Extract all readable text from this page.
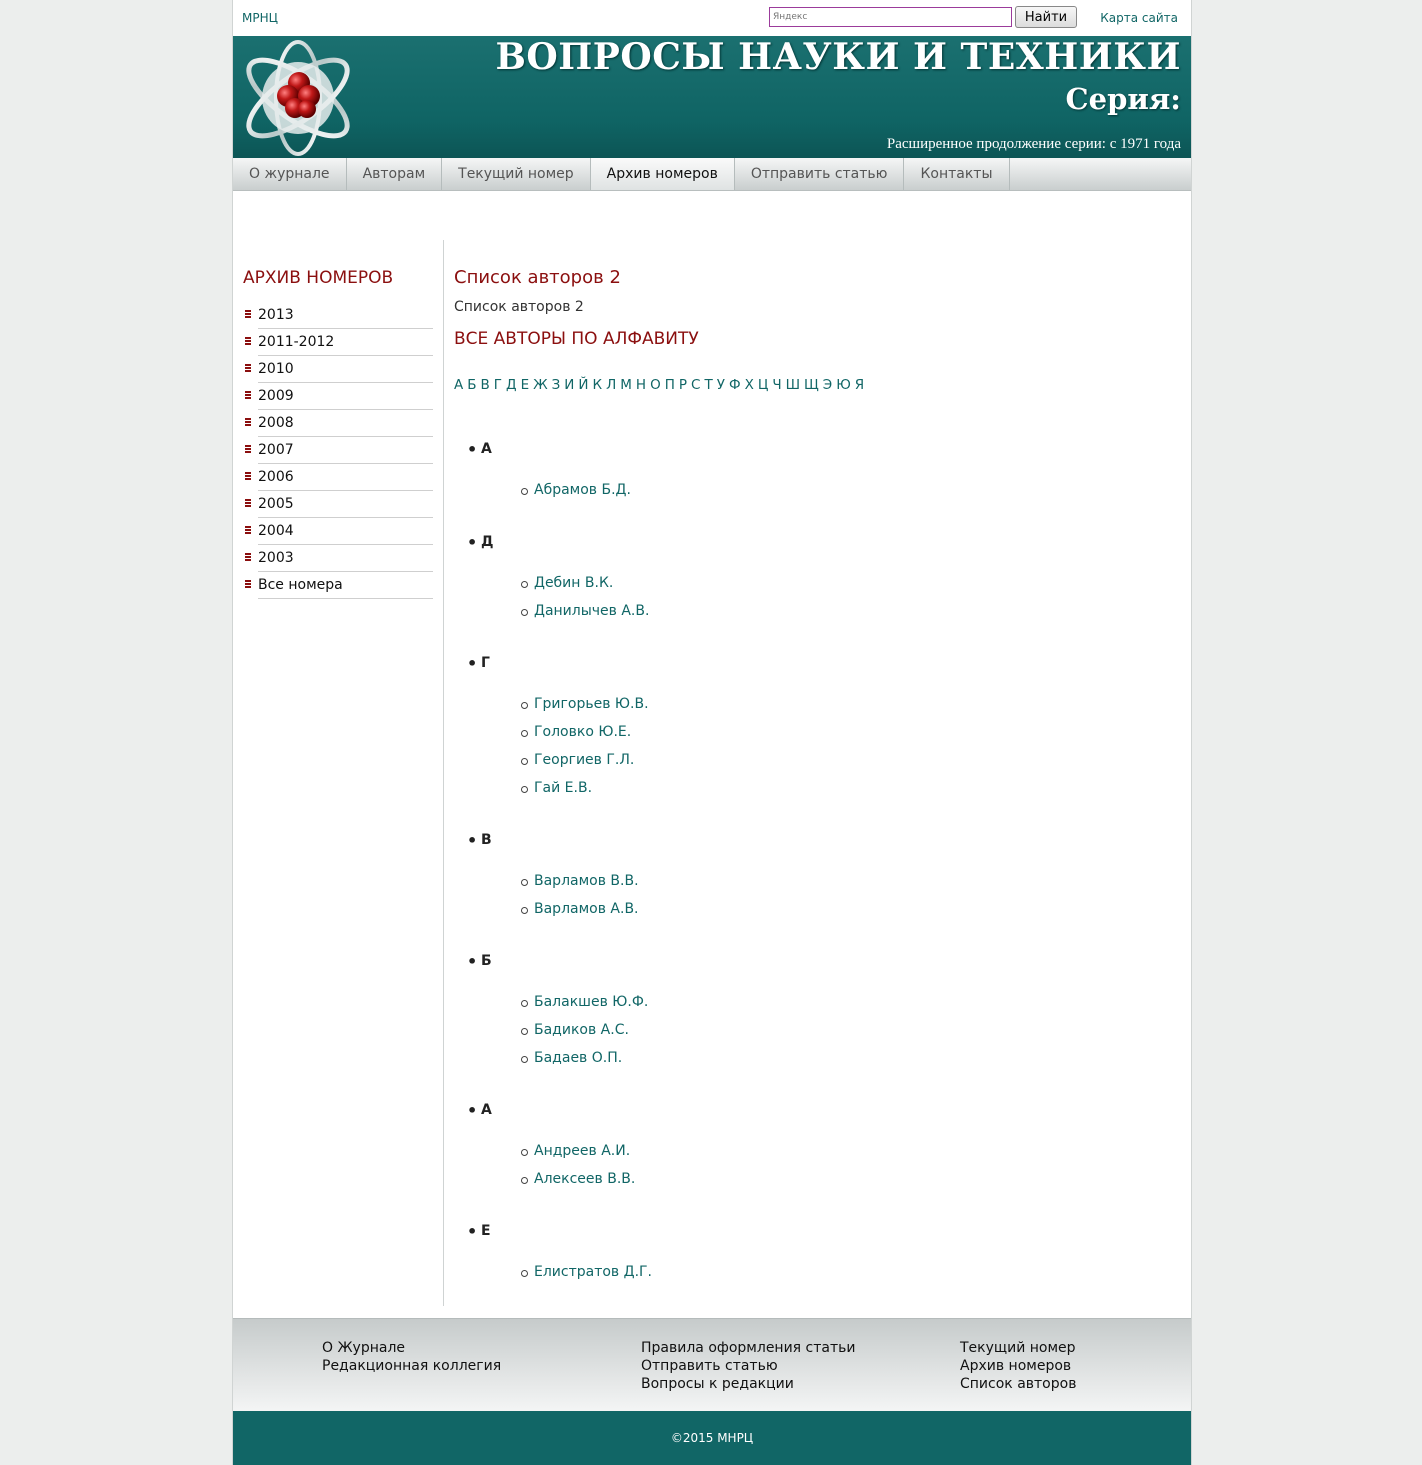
МРНЦ
Яндекс	Найти	Карта сайта
ВОПРОСЫ НАУКИ И ТЕХНИКИ
Серия:
Расширенное продолжение серии: с 1971 года
О журнале	Авторам	Текущий номер	Архив номеров	Отправить статью	Контакты
АРХИВ НОМЕРОВ
2013
2011-2012
2010
2009
2008
2007
2006
2005
2004
2003
Все номера
Список авторов 2
Список авторов 2
ВСЕ АВТОРЫ ПО АЛФАВИТУ
А Б В Г Д Е Ж З И Й К Л М Н О П Р С Т У Ф Х Ц Ч Ш Щ Э Ю Я
• А
Абрамов Б.Д.
• Д
Дебин В.К.
Данилычев А.В.
• Г
Григорьев Ю.В.
Головко Ю.Е.
Георгиев Г.Л.
Гай Е.В.
• В
Варламов В.В.
Варламов А.В.
• Б
Балакшев Ю.Ф.
Бадиков А.С.
Бадаев О.П.
• А
Андреев А.И.
Алексеев В.В.
• Е
Елистратов Д.Г.
О Журнале
Редакционная коллегия
Правила оформления статьи
Отправить статью
Вопросы к редакции
Текущий номер
Архив номеров
Список авторов
©2015 МНРЦ
